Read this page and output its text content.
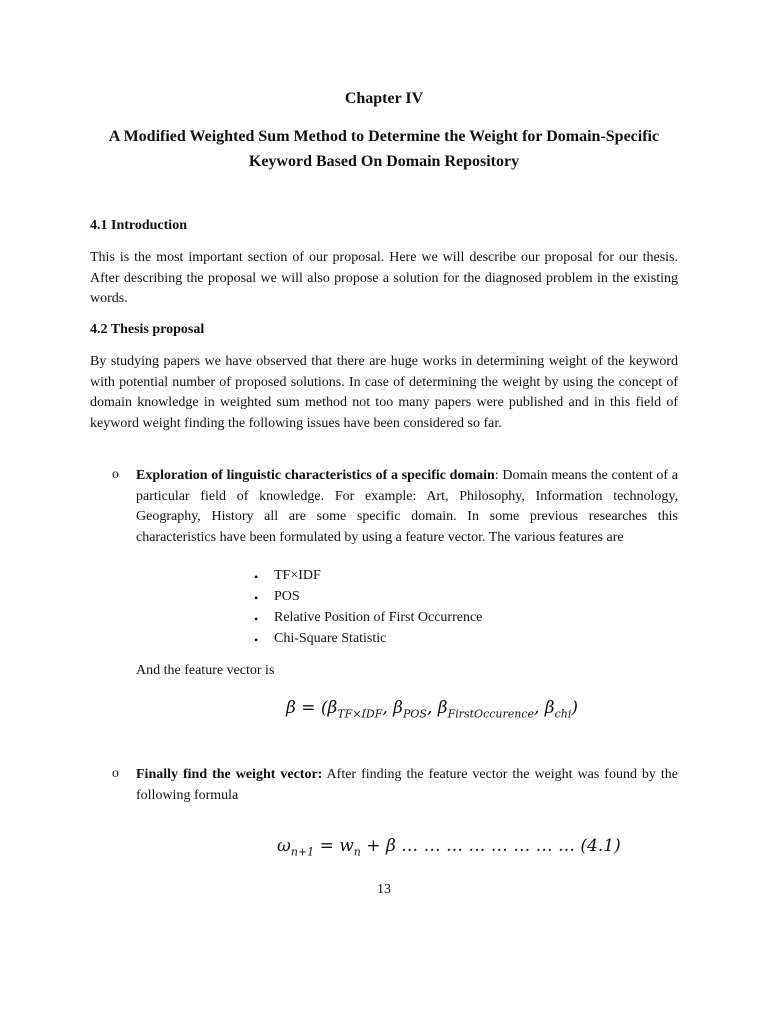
Chapter IV
A Modified Weighted Sum Method to Determine the Weight for Domain-Specific Keyword Based On Domain Repository
4.1 Introduction
This is the most important section of our proposal. Here we will describe our proposal for our thesis. After describing the proposal we will also propose a solution for the diagnosed problem in the existing words.
4.2 Thesis proposal
By studying papers we have observed that there are huge works in determining weight of the keyword with potential number of proposed solutions. In case of determining the weight by using the concept of domain knowledge in weighted sum method not too many papers were published and in this field of keyword weight finding the following issues have been considered so far.
o Exploration of linguistic characteristics of a specific domain: Domain means the content of a particular field of knowledge. For example: Art, Philosophy, Information technology, Geography, History all are some specific domain. In some previous researches this characteristics have been formulated by using a feature vector. The various features are
• TF×IDF
• POS
• Relative Position of First Occurrence
• Chi-Square Statistic
And the feature vector is
$\beta = (\beta_{TF\times IDF}$, $\beta_{POS}$, $\beta_{FirstOccurence}$, $\beta_{chi}$)
o Finally find the weight vector: After finding the feature vector the weight was found by the following formula
$\omega_{n+1} = w_n + \beta$ … … … … … … … … (4.1)
13
